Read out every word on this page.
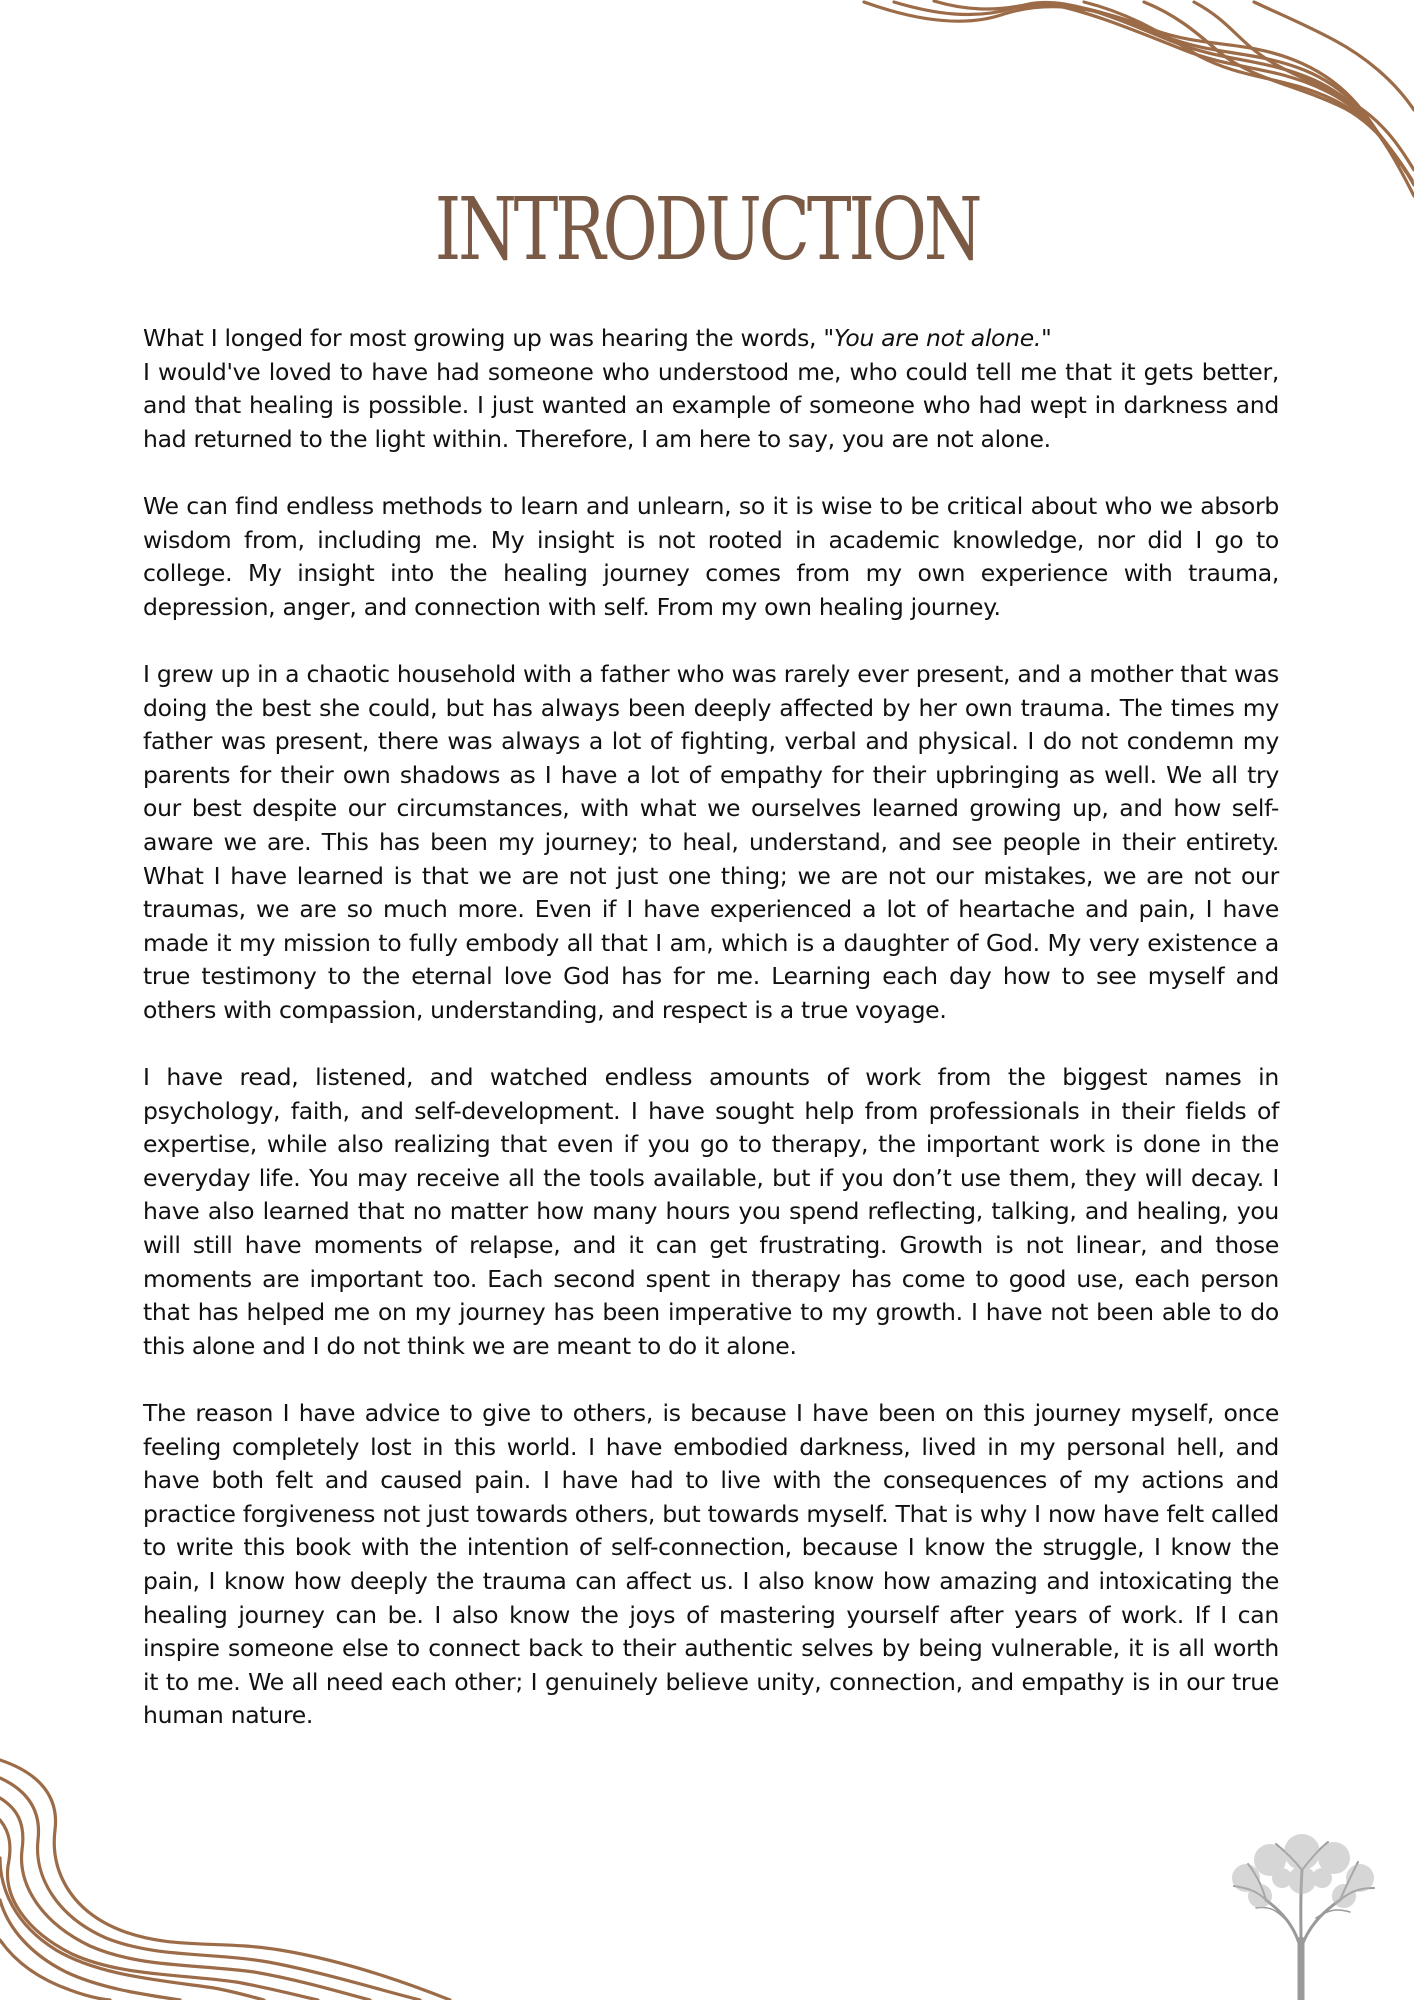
INTRODUCTION

What I longed for most growing up was hearing the words, "You are not alone."
I would've loved to have had someone who understood me, who could tell me that it gets better, and that healing is possible. I just wanted an example of someone who had wept in darkness and had returned to the light within. Therefore, I am here to say, you are not alone.

We can find endless methods to learn and unlearn, so it is wise to be critical about who we absorb wisdom from, including me. My insight is not rooted in academic knowledge, nor did I go to college. My insight into the healing journey comes from my own experience with trauma, depression, anger, and connection with self. From my own healing journey.

I grew up in a chaotic household with a father who was rarely ever present, and a mother that was doing the best she could, but has always been deeply affected by her own trauma. The times my father was present, there was always a lot of fighting, verbal and physical. I do not condemn my parents for their own shadows as I have a lot of empathy for their upbringing as well. We all try our best despite our circumstances, with what we ourselves learned growing up, and how self-aware we are. This has been my journey; to heal, understand, and see people in their entirety. What I have learned is that we are not just one thing; we are not our mistakes, we are not our traumas, we are so much more. Even if I have experienced a lot of heartache and pain, I have made it my mission to fully embody all that I am, which is a daughter of God. My very existence a true testimony to the eternal love God has for me. Learning each day how to see myself and others with compassion, understanding, and respect is a true voyage.

I have read, listened, and watched endless amounts of work from the biggest names in psychology, faith, and self-development. I have sought help from professionals in their fields of expertise, while also realizing that even if you go to therapy, the important work is done in the everyday life. You may receive all the tools available, but if you don’t use them, they will decay. I have also learned that no matter how many hours you spend reflecting, talking, and healing, you will still have moments of relapse, and it can get frustrating. Growth is not linear, and those moments are important too. Each second spent in therapy has come to good use, each person that has helped me on my journey has been imperative to my growth. I have not been able to do this alone and I do not think we are meant to do it alone.

The reason I have advice to give to others, is because I have been on this journey myself, once feeling completely lost in this world. I have embodied darkness, lived in my personal hell, and have both felt and caused pain. I have had to live with the consequences of my actions and practice forgiveness not just towards others, but towards myself. That is why I now have felt called to write this book with the intention of self-connection, because I know the struggle, I know the pain, I know how deeply the trauma can affect us. I also know how amazing and intoxicating the healing journey can be. I also know the joys of mastering yourself after years of work. If I can inspire someone else to connect back to their authentic selves by being vulnerable, it is all worth it to me. We all need each other; I genuinely believe unity, connection, and empathy is in our true human nature.
